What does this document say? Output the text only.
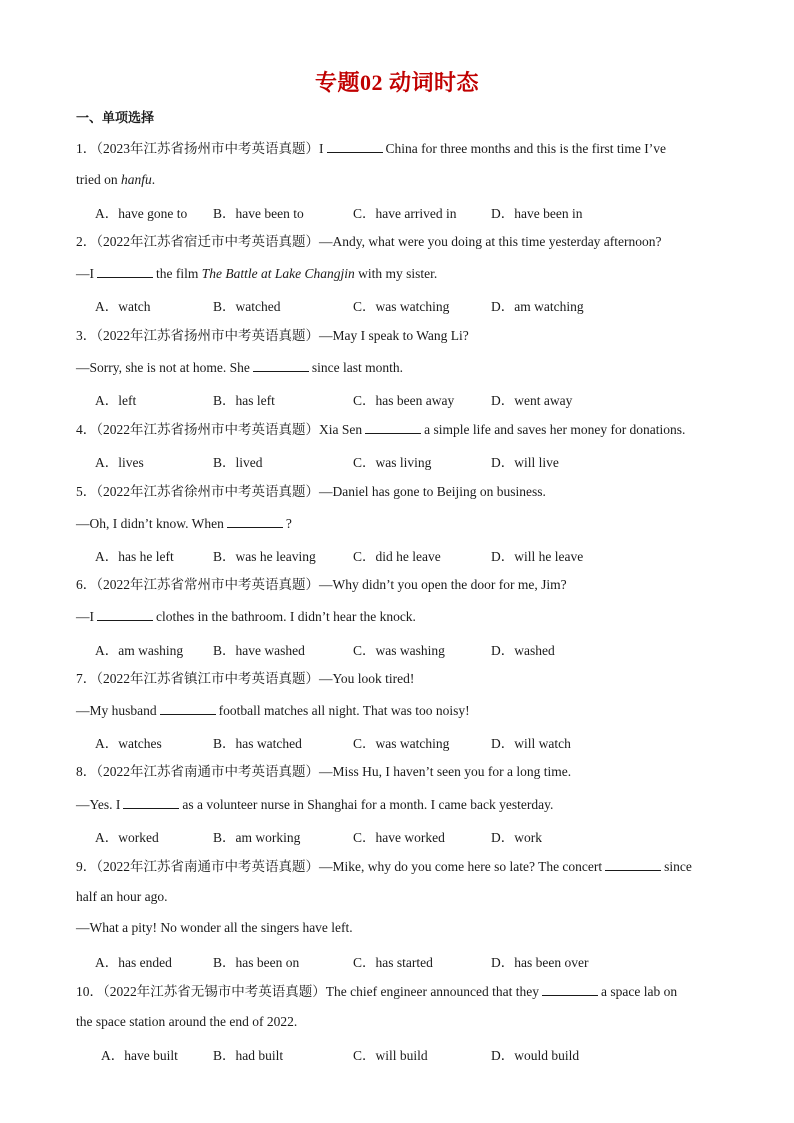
专题02 动词时态
一、单项选择
1．（2023年江苏省扬州市中考英语真题）I	China for three months and this is the first time I’ve
tried on hanfu.
A．have gone to B．have been to	C．have arrived in	D．have been in
2．（2022年江苏省宿迁市中考英语真题）—Andy, what were you doing at this time yesterday afternoon?
—I	the film The Battle at Lake Changjin with my sister.
A．watch	B．watched	C．was watching	D．am watching
3．（2022年江苏省扬州市中考英语真题）—May I speak to Wang Li?
—Sorry, she is not at home. She	since last month.
A．left	B．has left	C．has been away	D．went away
4．（2022年江苏省扬州市中考英语真题）Xia Sen	a simple life and saves her money for donations.
A．lives	B．lived	C．was living	D．will live
5．（2022年江苏省徐州市中考英语真题）—Daniel has gone to Beijing on business.
—Oh, I didn’t know. When	?
A．has he left	B．was he leaving	C．did he leave	D．will he leave
6．（2022年江苏省常州市中考英语真题）—Why didn’t you open the door for me, Jim?
—I	clothes in the bathroom. I didn’t hear the knock.
A．am washing B．have washed	C．was washing	D．washed
7．（2022年江苏省镇江市中考英语真题）—You look tired!
—My husband	football matches all night. That was too noisy!
A．watches	B．has watched	C．was watching	D．will watch
8．（2022年江苏省南通市中考英语真题）—Miss Hu, I haven’t seen you for a long time.
—Yes. I	as a volunteer nurse in Shanghai for a month. I came back yesterday.
A．worked	B．am working	C．have worked	D．work
9．（2022年江苏省南通市中考英语真题）—Mike, why do you come here so late? The concert	since
half an hour ago.
—What a pity! No wonder all the singers have left.
A．has ended	B．has been on	C．has started	D．has been over
10．（2022年江苏省无锡市中考英语真题）The chief engineer announced that they	a space lab on
the space station around the end of 2022.
A．have built	B．had built	C．will build	D．would build
